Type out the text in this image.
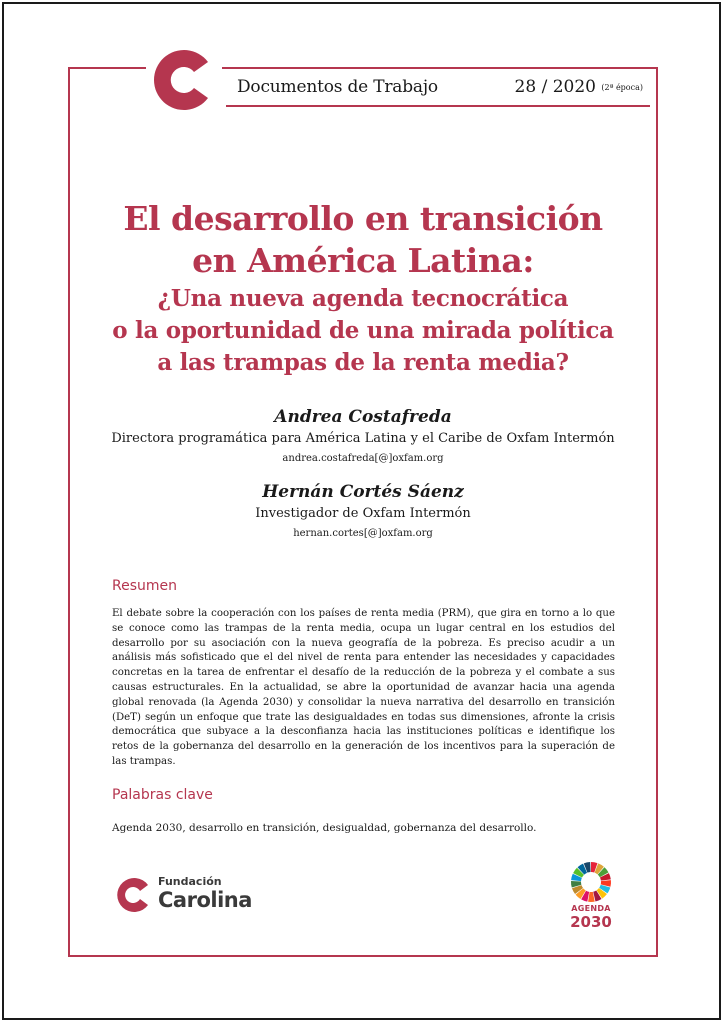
Documentos de Trabajo	28 / 2020 (2ª época)
El desarrollo en transición
en América Latina:
¿Una nueva agenda tecnocrática
o la oportunidad de una mirada política
a las trampas de la renta media?
Andrea Costafreda
Directora programática para América Latina y el Caribe de Oxfam Intermón
andrea.costafreda[@]oxfam.org
Hernán Cortés Sáenz
Investigador de Oxfam Intermón
hernan.cortes[@]oxfam.org
Resumen
El debate sobre la cooperación con los países de renta media (PRM), que gira en torno a lo que se conoce como las trampas de la renta media, ocupa un lugar central en los estudios del desarrollo por su asociación con la nueva geografía de la pobreza. Es preciso acudir a un análisis más sofisticado que el del nivel de renta para entender las necesidades y capacidades concretas en la tarea de enfrentar el desafío de la reducción de la pobreza y el combate a sus causas estructurales. En la actualidad, se abre la oportunidad de avanzar hacia una agenda global renovada (la Agenda 2030) y consolidar la nueva narrativa del desarrollo en transición (DeT) según un enfoque que trate las desigualdades en todas sus dimensiones, afronte la crisis democrática que subyace a la desconfianza hacia las instituciones políticas e identifique los retos de la gobernanza del desarrollo en la generación de los incentivos para la superación de las trampas.
Palabras clave
Agenda 2030, desarrollo en transición, desigualdad, gobernanza del desarrollo.
Fundación
Carolina	AGENDA
2030
